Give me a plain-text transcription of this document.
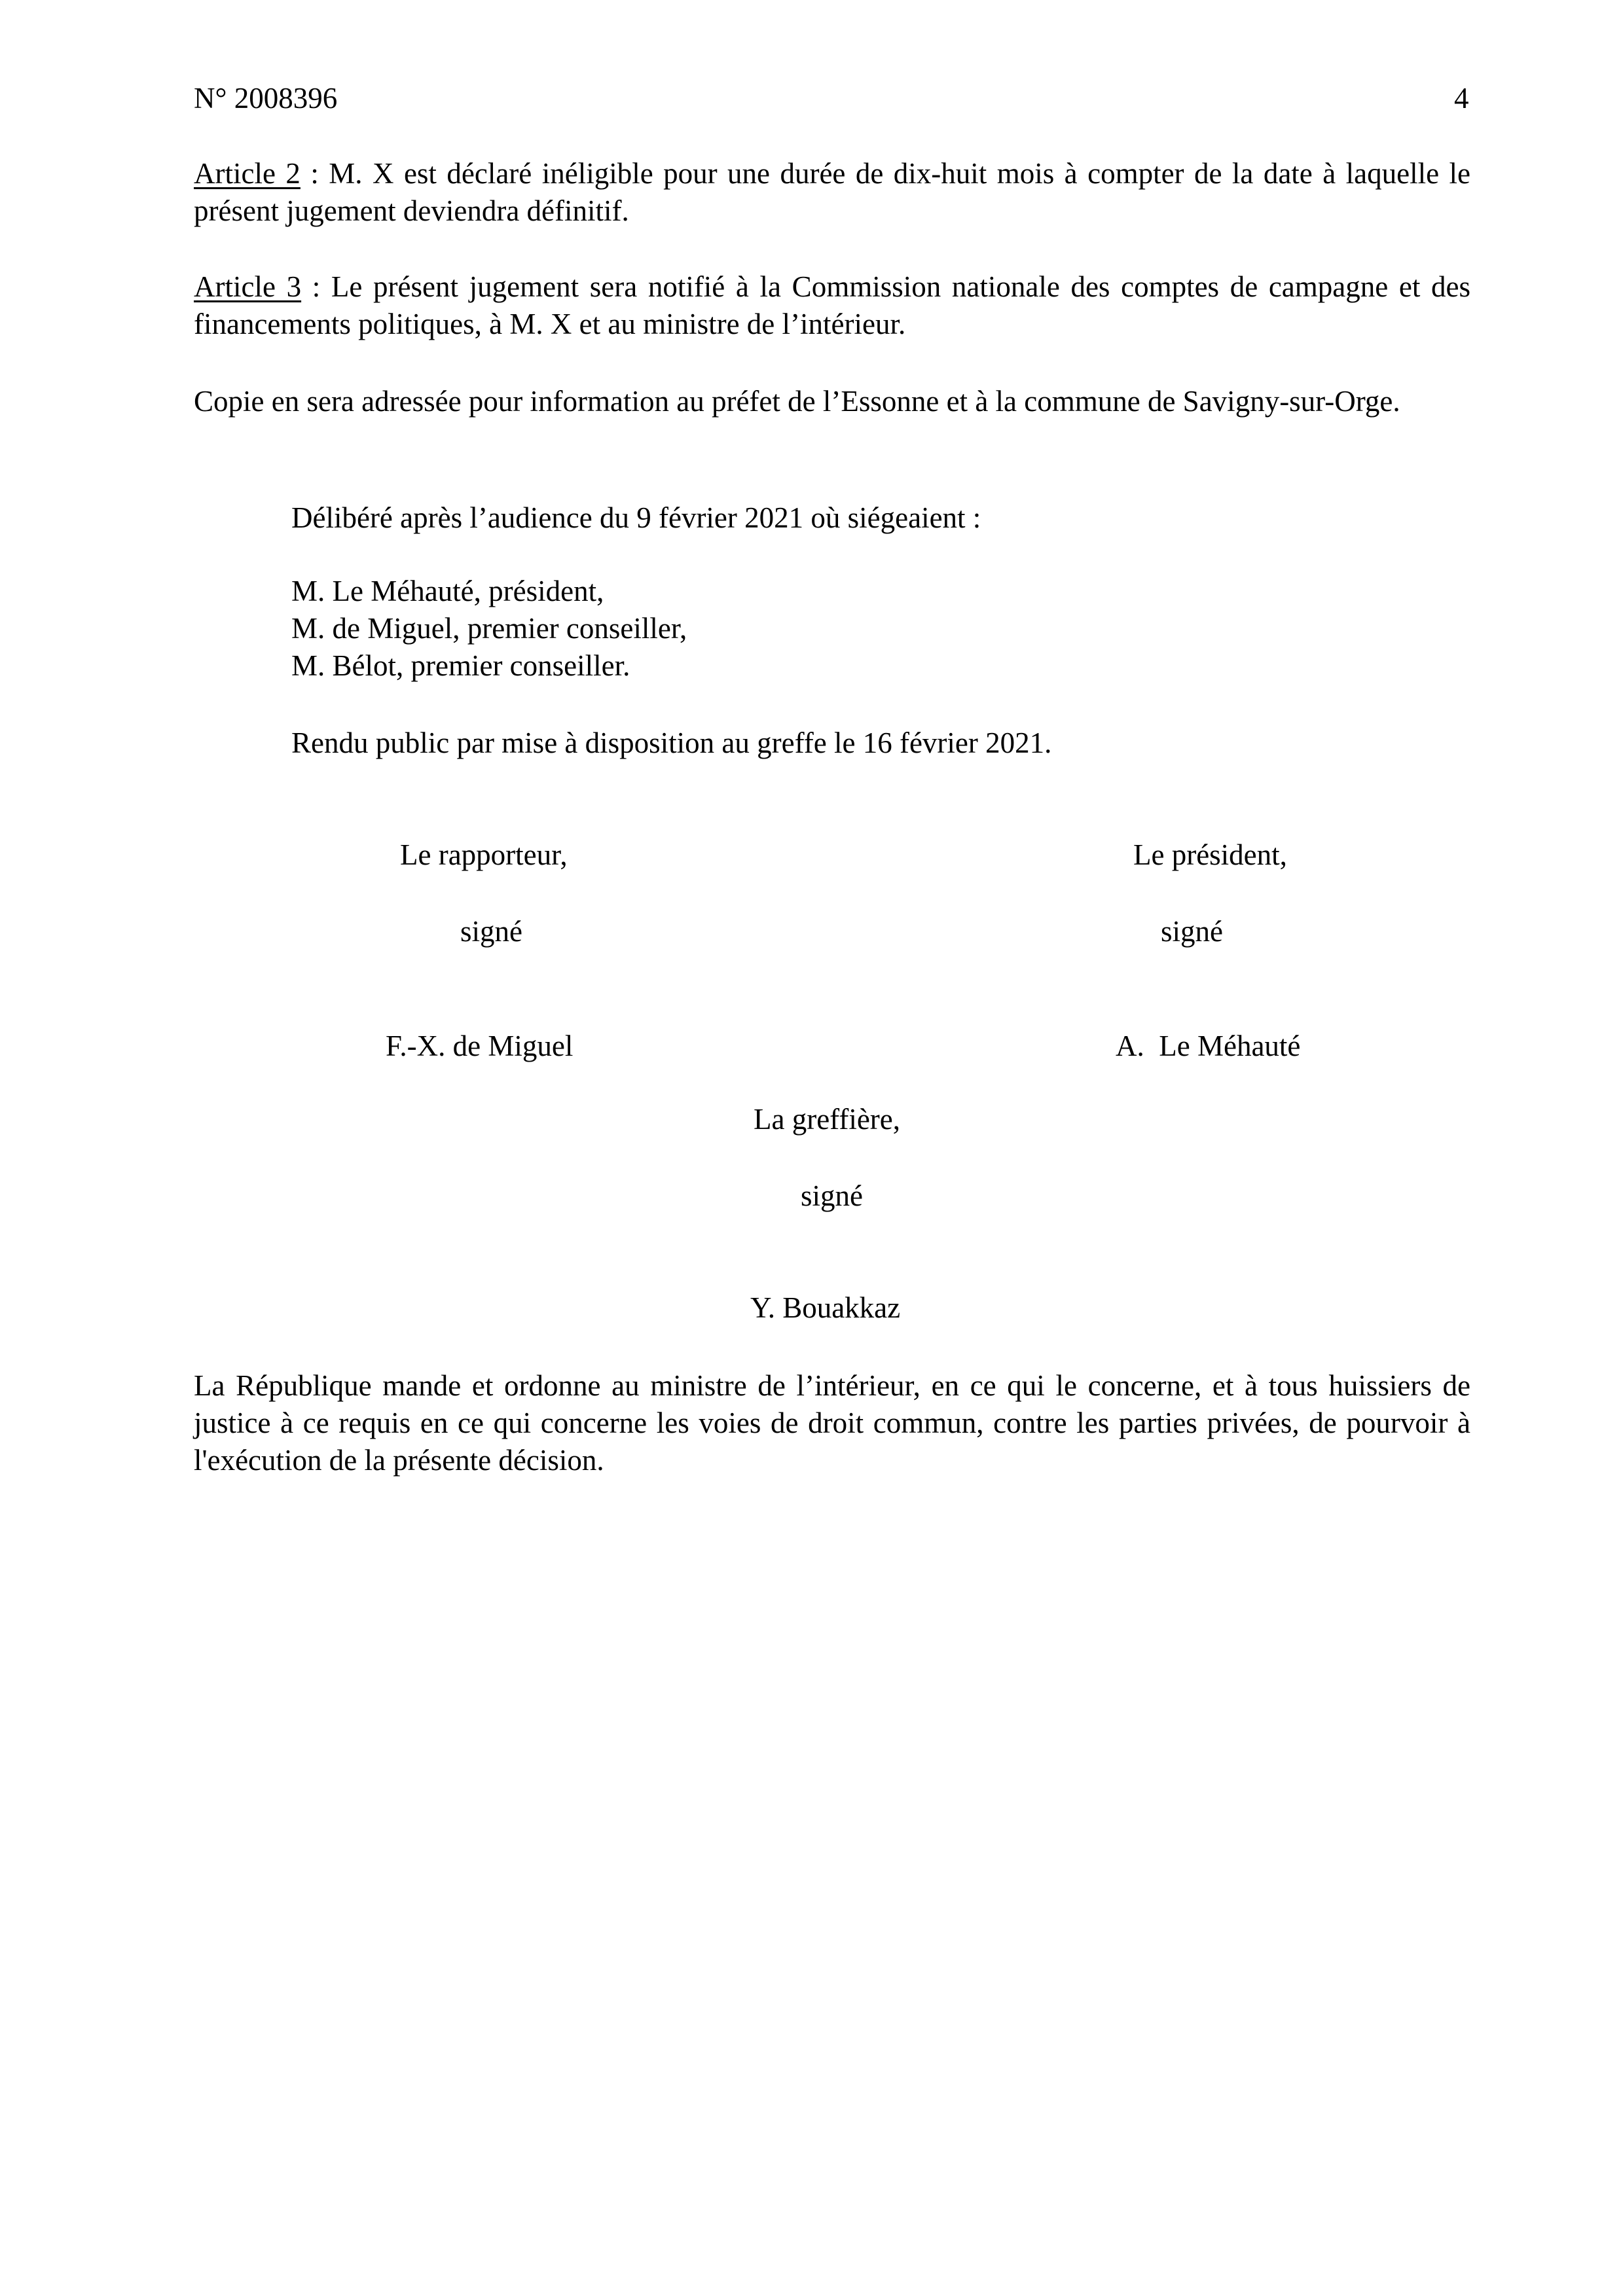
N° 2008396	4
Article 2 : M. X est déclaré inéligible pour une durée de dix-huit mois à compter de la date à laquelle le présent jugement deviendra définitif.
Article 3 : Le présent jugement sera notifié à la Commission nationale des comptes de campagne et des financements politiques, à M. X et au ministre de l’intérieur.
Copie en sera adressée pour information au préfet de l’Essonne et à la commune de Savigny-sur-Orge.
Délibéré après l’audience du 9 février 2021 où siégeaient :
M. Le Méhauté, président,
M. de Miguel, premier conseiller,
M. Bélot, premier conseiller.
Rendu public par mise à disposition au greffe le 16 février 2021.
Le rapporteur,
signé
F.-X. de Miguel
Le président,
signé
A.  Le Méhauté
La greffière,
signé
Y. Bouakkaz
La République mande et ordonne au ministre de l’intérieur, en ce qui le concerne, et à tous huissiers de justice à ce requis en ce qui concerne les voies de droit commun, contre les parties privées, de pourvoir à l'exécution de la présente décision.
